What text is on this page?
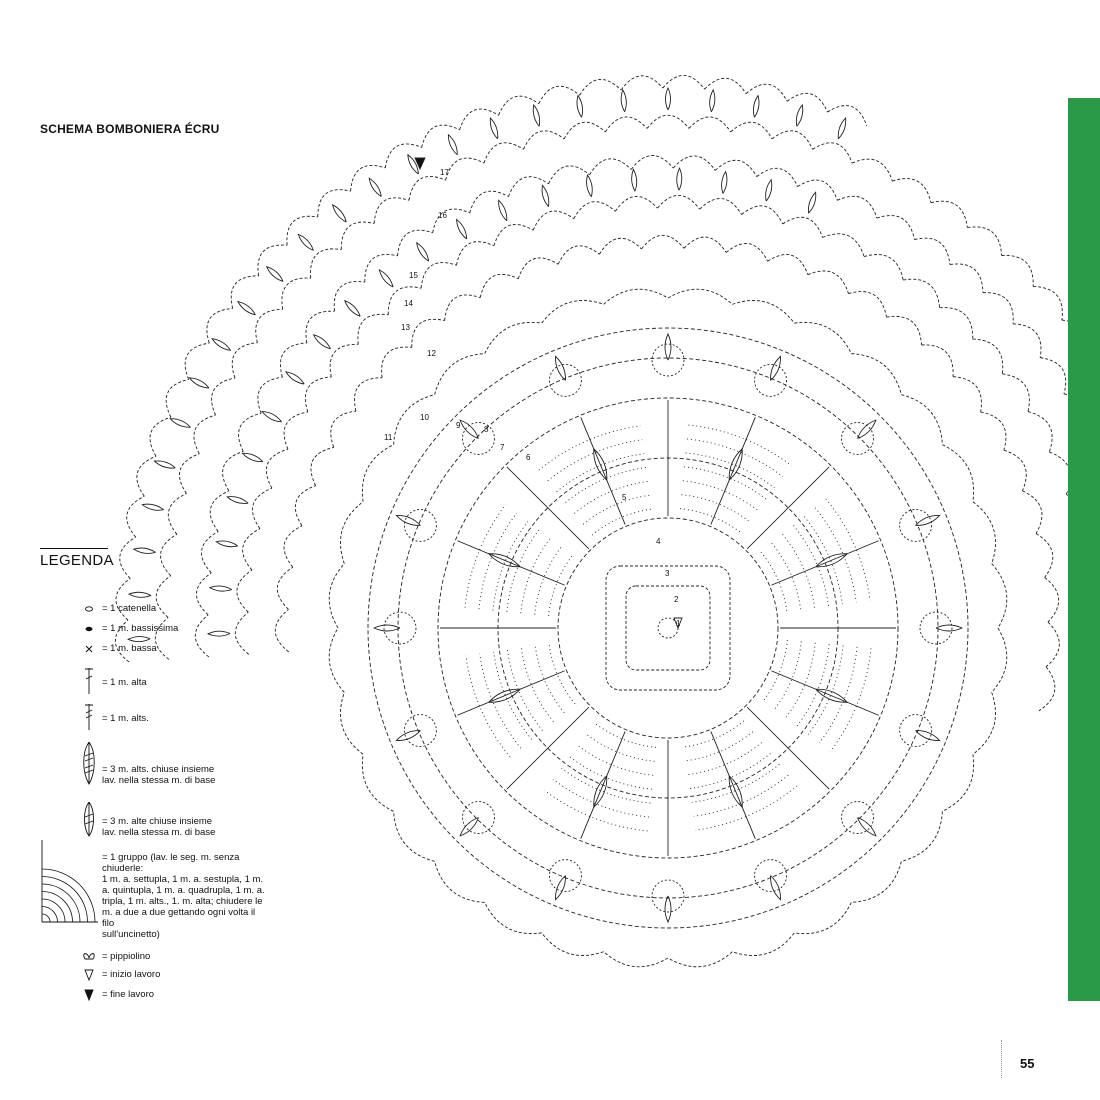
SCHEMA BOMBONIERA ÉCRU
1
2
3
4
5
6
7
8
9
10
11
12
13
14
15
16
17
LEGENDA
= 1 catenella
= 1 m. bassissima
= 1 m. bassa
= 1 m. alta
= 1 m. alts.
= 3 m. alts. chiuse insieme
lav. nella stessa m. di base
= 3 m. alte chiuse insieme
lav. nella stessa m. di base
= 1 gruppo (lav. le seg. m. senza chiuderle:
1 m. a. settupla, 1 m. a. sestupla, 1 m.
a. quintupla, 1 m. a. quadrupla, 1 m. a.
tripla, 1 m. alts., 1. m. alta; chiudere le
m. a due a due gettando ogni volta il filo
sull'uncinetto)
= pippiolino
= inizio lavoro
= fine lavoro
55
